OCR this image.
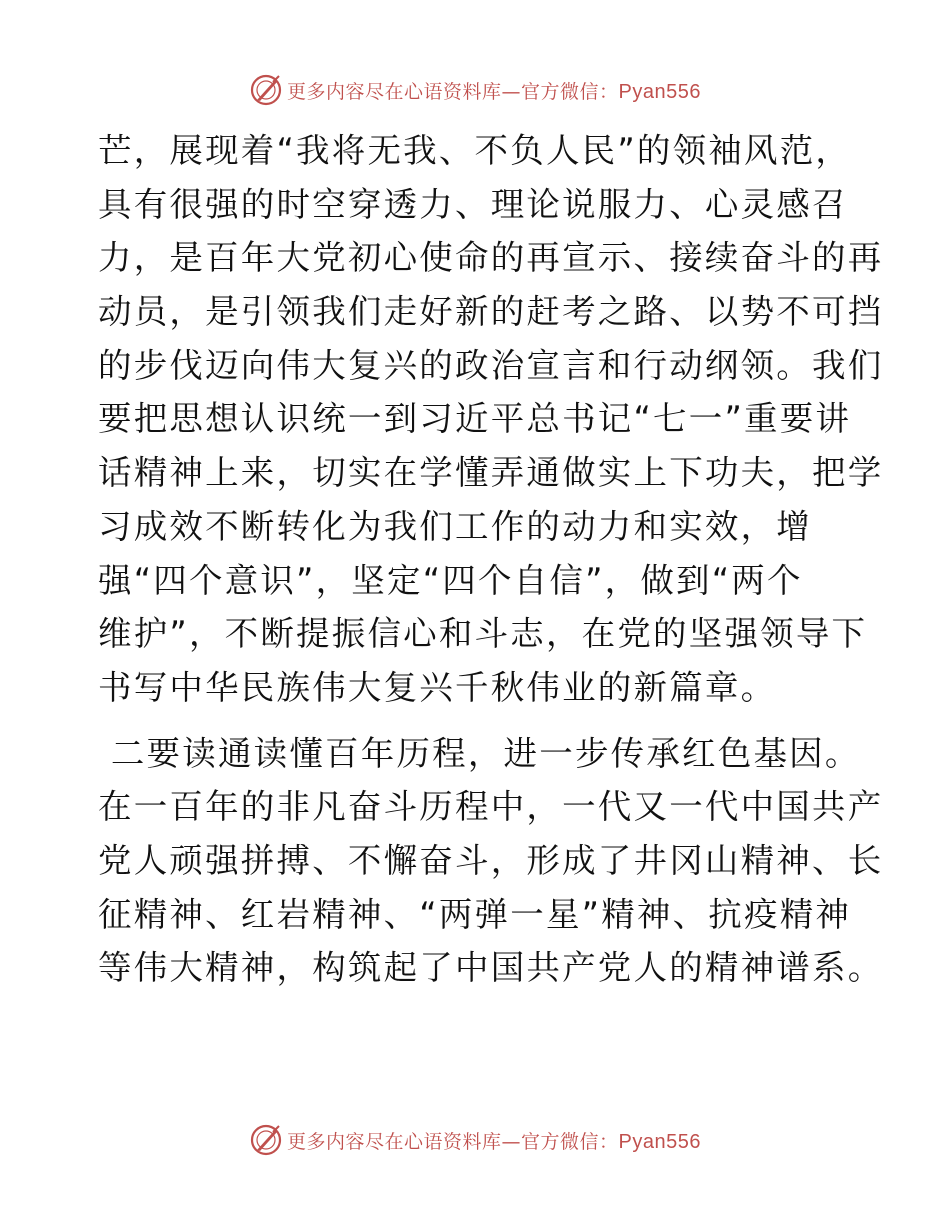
更多内容尽在心语资料库—官方微信：Pyan556
芒，展现着“我将无我、不负人民”的领袖风范，
具有很强的时空穿透力、理论说服力、心灵感召
力，是百年大党初心使命的再宣示、接续奋斗的再
动员，是引领我们走好新的赶考之路、以势不可挡
的步伐迈向伟大复兴的政治宣言和行动纲领。我们
要把思想认识统一到习近平总书记“七一”重要讲
话精神上来，切实在学懂弄通做实上下功夫，把学
习成效不断转化为我们工作的动力和实效，增
强“四个意识”，坚定“四个自信”，做到“两个
维护”，不断提振信心和斗志，在党的坚强领导下
书写中华民族伟大复兴千秋伟业的新篇章。
二要读通读懂百年历程，进一步传承红色基因。
在一百年的非凡奋斗历程中，一代又一代中国共产
党人顽强拼搏、不懈奋斗，形成了井冈山精神、长
征精神、红岩精神、“两弹一星”精神、抗疫精神
等伟大精神，构筑起了中国共产党人的精神谱系。
更多内容尽在心语资料库—官方微信：Pyan556
